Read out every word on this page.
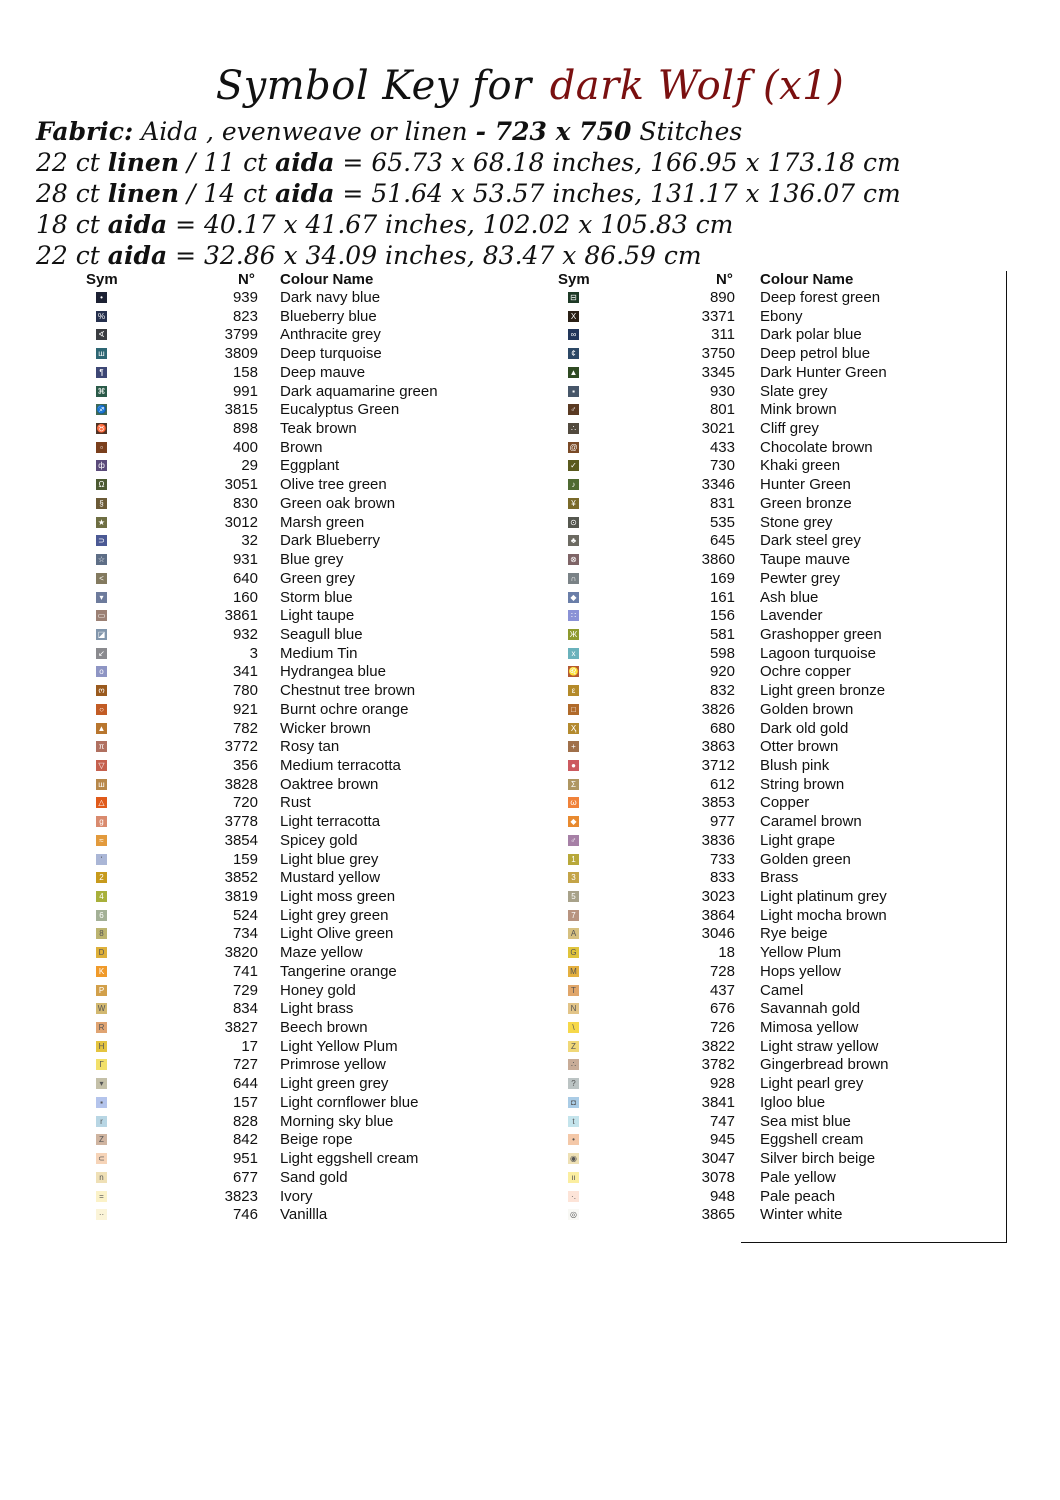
Symbol Key for dark Wolf (x1)
Fabric: Aida , evenweave or linen - 723 x 750 Stitches
22 ct linen / 11 ct aida = 65.73 x 68.18 inches, 166.95 x 173.18 cm
28 ct linen / 14 ct aida = 51.64 x 53.57 inches, 131.17 x 136.07 cm
18 ct aida = 40.17 x 41.67 inches, 102.02 x 105.83 cm
22 ct aida = 32.86 x 34.09 inches, 83.47 x 86.59 cm
Sym	N° Colour Name
•	939 Dark navy blue
%	823 Blueberry blue
∢	3799 Anthracite grey
ш	3809 Deep turquoise
¶	158 Deep mauve
⌘	991 Dark aquamarine green
♐	3815 Eucalyptus Green
♉	898 Teak brown
▫	400 Brown
ф	29 Eggplant
Ω	3051 Olive tree green
§	830 Green oak brown
★	3012 Marsh green
⊃	32 Dark Blueberry
☆	931 Blue grey
<	640 Green grey
▾	160 Storm blue
▭	3861 Light taupe
◪	932 Seagull blue
↙	3 Medium Tin
o	341 Hydrangea blue
ო	780 Chestnut tree brown
○	921 Burnt ochre orange
▲	782 Wicker brown
π	3772 Rosy tan
▽	356 Medium terracotta
ш	3828 Oaktree brown
△	720 Rust
g	3778 Light terracotta
≈	3854 Spicey gold
ʻ	159 Light blue grey
2	3852 Mustard yellow
4	3819 Light moss green
6	524 Light grey green
8	734 Light Olive green
D	3820 Maze yellow
K	741 Tangerine orange
P	729 Honey gold
W	834 Light brass
R	3827 Beech brown
H	17 Light Yellow Plum
Г	727 Primrose yellow
▾	644 Light green grey
▪	157 Light cornflower blue
r	828 Morning sky blue
Z	842 Beige rope
⊂	951 Light eggshell cream
n	677 Sand gold
=	3823 Ivory
··	746 Vanillla
Sym	N° Colour Name
⊟	890 Deep forest green
X	3371 Ebony
∞	311 Dark polar blue
¢	3750 Deep petrol blue
▲	3345 Dark Hunter Green
▪	930 Slate grey
♂	801 Mink brown
∴	3021 Cliff grey
@	433 Chocolate brown
✓	730 Khaki green
♪	3346 Hunter Green
¥	831 Green bronze
⊙	535 Stone grey
♣	645 Dark steel grey
⊗	3860 Taupe mauve
∩	169 Pewter grey
◆	161 Ash blue
∷	156 Lavender
Ж	581 Grashopper green
x	598 Lagoon turquoise
♌	920 Ochre copper
ε	832 Light green bronze
□	3826 Golden brown
Ҳ	680 Dark old gold
+	3863 Otter brown
●	3712 Blush pink
Σ	612 String brown
ω	3853 Copper
◆	977 Caramel brown
♂	3836 Light grape
1	733 Golden green
3	833 Brass
5	3023 Light platinum grey
7	3864 Light mocha brown
A	3046 Rye beige
G	18 Yellow Plum
M	728 Hops yellow
T	437 Camel
N	676 Savannah gold
\	726 Mimosa yellow
Z	3822 Light straw yellow
∴	3782 Gingerbread brown
?	928 Light pearl grey
◘	3841 Igloo blue
t	747 Sea mist blue
•	945 Eggshell cream
◉	3047 Silver birch beige
ıı	3078 Pale yellow
·.	948 Pale peach
◎	3865 Winter white
